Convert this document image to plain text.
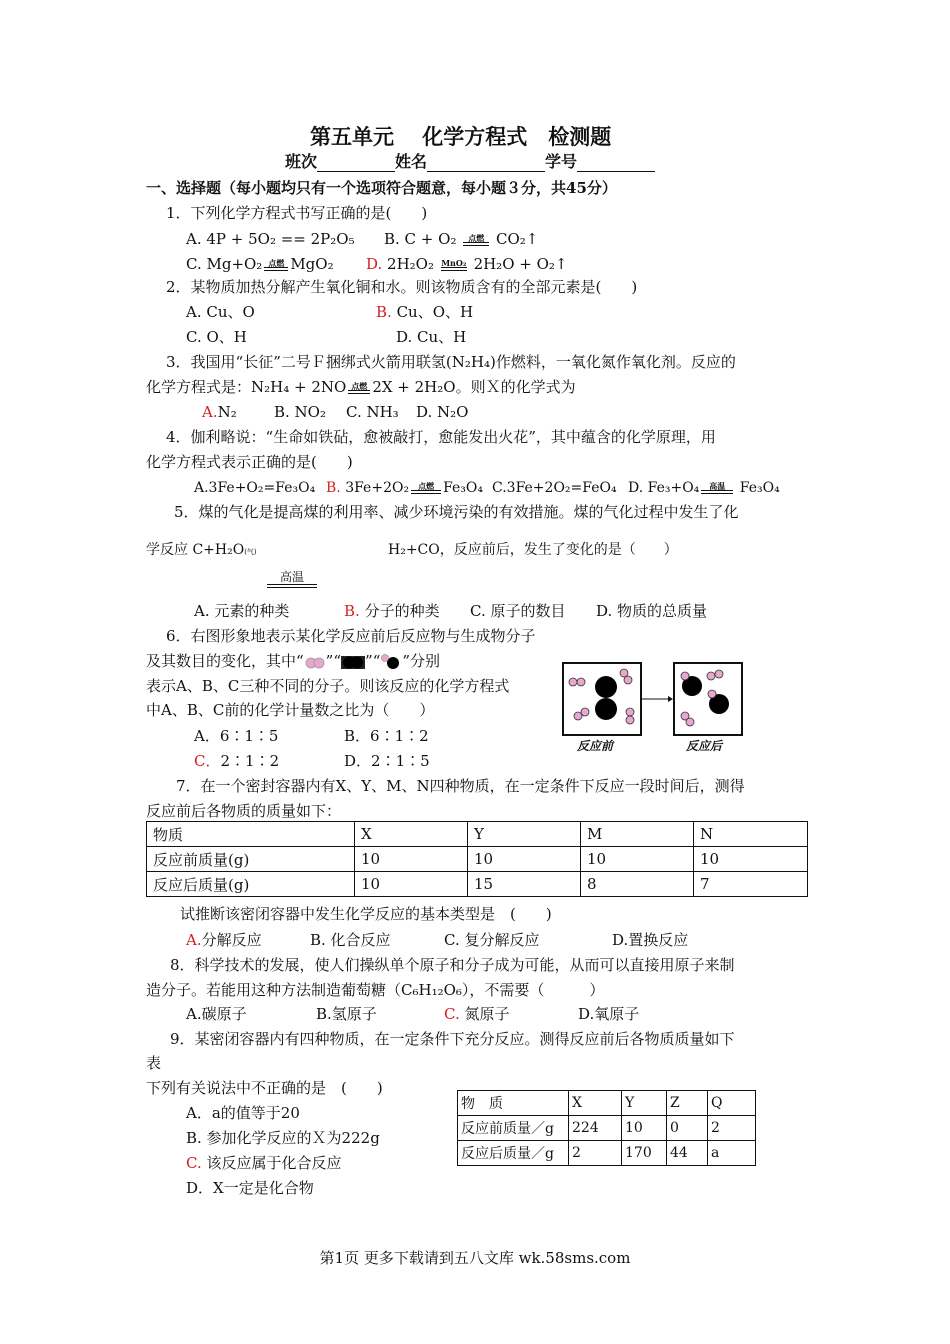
第五单元　 化学方程式　检测题
班次	姓名	学号
一、选择题（每小题均只有一个选项符合题意，每小题３分，共45分）
1．下列化学方程式书写正确的是(　　)
A. 4P + 5O₂ == 2P₂O₅ B. C + O₂	点燃 CO₂↑
C. Mg+O₂ 点燃 MgO₂ D. 2H₂O₂ MnO₂ 2H₂O + O₂↑
2．某物质加热分解产生氧化铜和水。则该物质含有的全部元素是(　　)
A. Cu、O	B. Cu、O、H
C. O、H	D. Cu、H
3．我国用“长征”二号Ｆ捆绑式火箭用联氢(N₂H₄)作燃料，一氧化氮作氧化剂。反应的
化学方程式是：N₂H₄ + 2NO 点燃 2X + 2H₂O。则Ｘ的化学式为
A.N₂ B. NO₂ C. NH₃ D. N₂O
4．伽利略说：“生命如铁砧，愈被敲打，愈能发出火花”，其中蕴含的化学原理，用
化学方程式表示正确的是(　　)
A.3Fe+O₂=Fe₃O₄ B. 3Fe+2O₂	点燃 Fe₃O₄ C.3Fe+2O₂=FeO₄ D. Fe₃+O₄	高温	Fe₃O₄
5．煤的气化是提高煤的利用率、减少环境污染的有效措施。煤的气化过程中发生了化
学反应 C+H₂O(气)	H₂+CO，反应前后，发生了变化的是（　　）
高温
A. 元素的种类	B. 分子的种类 C. 原子的数目 D. 物质的总质量
6．右图形象地表示某化学反应前后反应物与生成物分子
及其数目的变化，其中“ ”“ ”“ ”分别
表示A、B、C三种不同的分子。则该反应的化学方程式
中A、B、C前的化学计量数之比为（　　）
A．6∶1∶5	B．6∶1∶2
C．2∶1∶2	D．2∶1∶5
反应前	反应后
7．在一个密封容器内有X、Y、M、N四种物质，在一定条件下反应一段时间后，测得
反应前后各物质的质量如下：
物质	X	Y	M	N
反应前质量(g)	10	10	10	10
反应后质量(g)	10	15	8	7
试推断该密闭容器中发生化学反应的基本类型是　(　　)
A.分解反应	B. 化合反应	C. 复分解反应	D.置换反应
8．科学技术的发展，使人们操纵单个原子和分子成为可能，从而可以直接用原子来制
造分子。若能用这种方法制造葡萄糖（C₆H₁₂O₆），不需要（　　　）
A.碳原子	B.氢原子	C. 氮原子	D.氧原子
9．某密闭容器内有四种物质，在一定条件下充分反应。测得反应前后各物质质量如下
表
下列有关说法中不正确的是　(　　)
A．a的值等于20
B. 参加化学反应的Ｘ为222g
C. 该反应属于化合反应
D．X一定是化合物
物　质	X	Y	Z	Q
反应前质量／g	224	10	0	2
反应后质量／g	2	170	44	a
第1页 更多下载请到五八文库 wk.58sms.com
